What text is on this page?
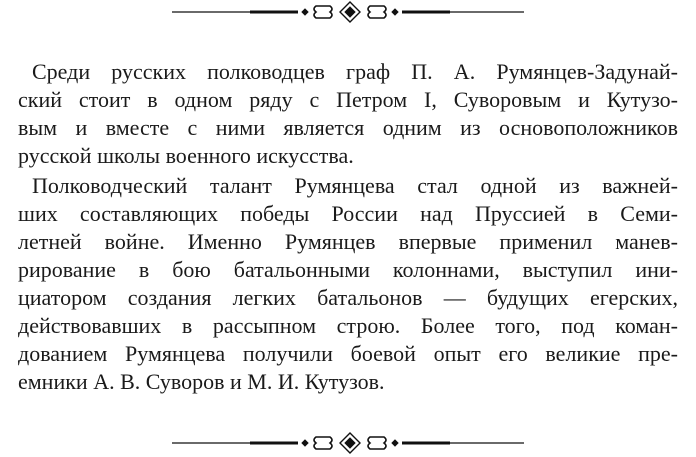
Среди русских полководцев граф П. А. Румянцев-Задунай-
ский стоит в одном ряду с Петром I, Суворовым и Кутузо-
вым и вместе с ними является одним из основоположников
русской школы военного искусства.
Полководческий талант Румянцева стал одной из важней-
ших составляющих победы России над Пруссией в Семи-
летней войне. Именно Румянцев впервые применил манев-
рирование в бою батальонными колоннами, выступил ини-
циатором создания легких батальонов — будущих егерских,
действовавших в рассыпном строю. Более того, под коман-
дованием Румянцева получили боевой опыт его великие пре-
емники А. В. Суворов и М. И. Кутузов.
